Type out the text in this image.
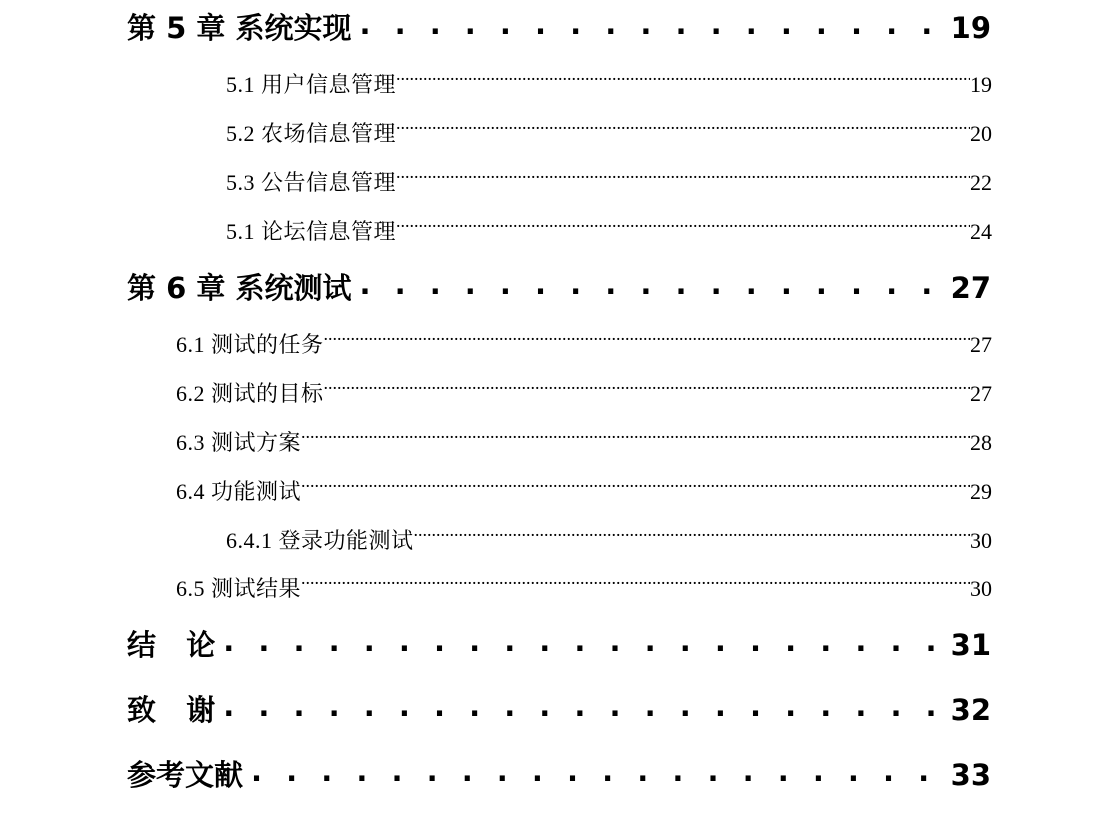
第 5 章 系统实现 . . .	19
5.1 用户信息管理 .....	19
5.2 农场信息管理 .....	20
5.3 公告信息管理 .....	22
5.1 论坛信息管理 .....	24
第 6 章 系统测试 . . .	27
6.1 测试的任务 .....	27
6.2 测试的目标 .....	27
6.3 测试方案 .....	28
6.4 功能测试 .....	29
6.4.1 登录功能测试 .....	30
6.5 测试结果 .....	30
结   论 . . .	31
致   谢 . . .	32
参考文献 . . .	33
